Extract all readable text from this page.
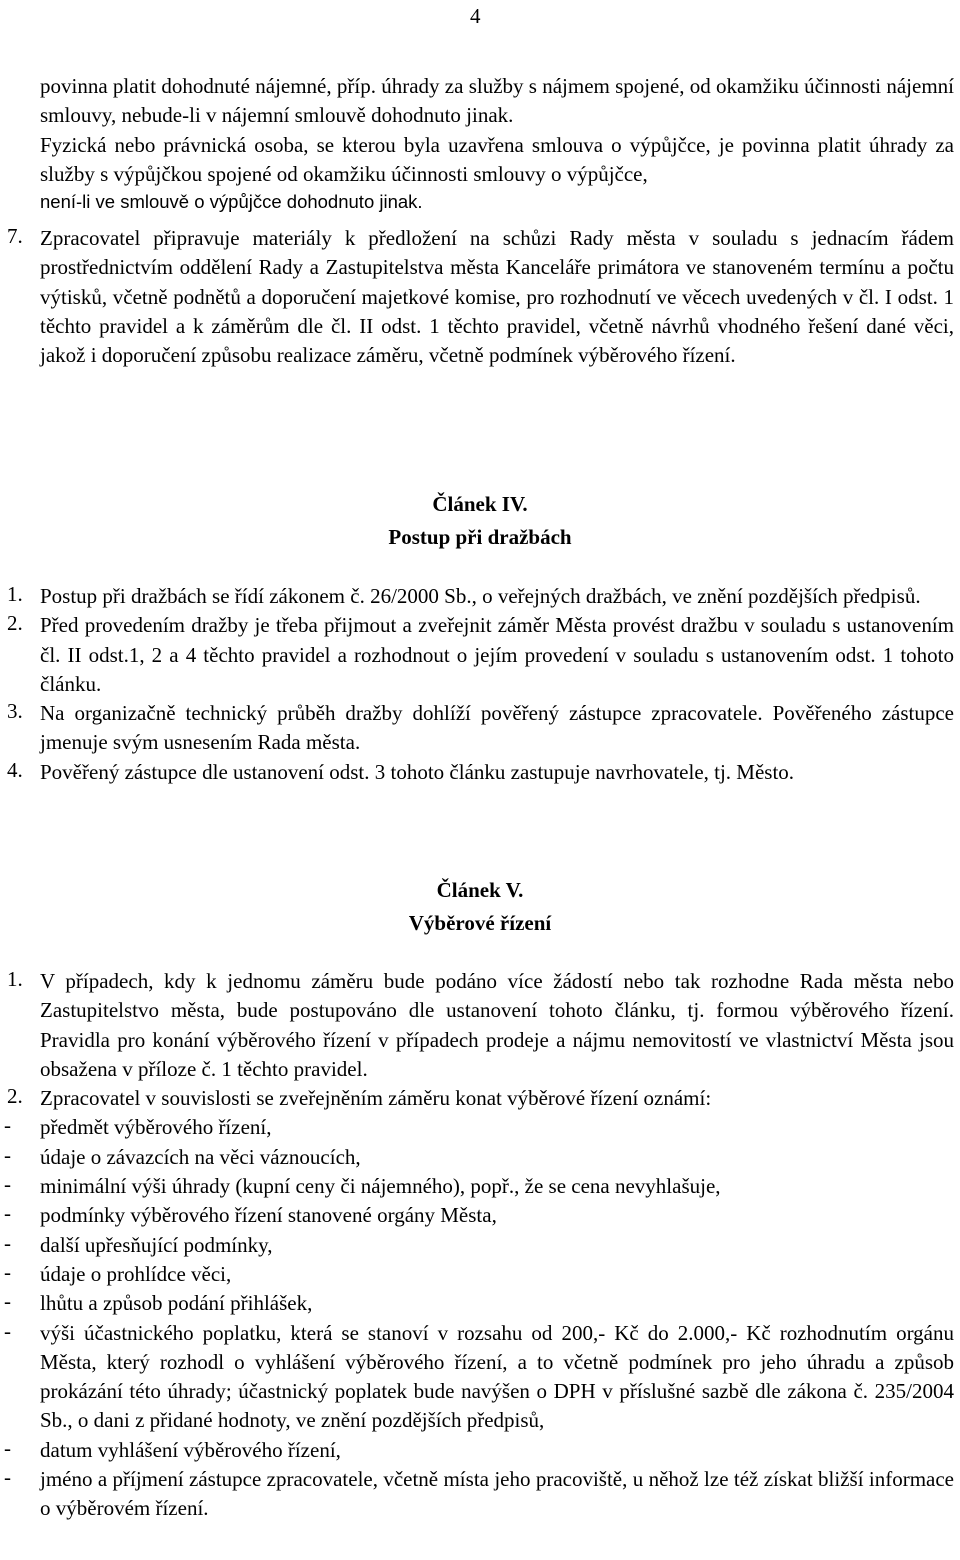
4

povinna platit dohodnuté nájemné, příp. úhrady za služby s nájmem spojené, od okamžiku účinnosti nájemní smlouvy, nebude-li v nájemní smlouvě dohodnuto jinak.

Fyzická nebo právnická osoba, se kterou byla uzavřena smlouva o výpůjčce, je povinna platit úhrady za služby s výpůjčkou spojené od okamžiku účinnosti smlouvy o výpůjčce,

není-li ve smlouvě o výpůjčce dohodnuto jinak.

7. Zpracovatel připravuje materiály k předložení na schůzi Rady města v souladu s jednacím řádem prostřednictvím oddělení Rady a Zastupitelstva města Kanceláře primátora ve stanoveném termínu a počtu výtisků, včetně podnětů a doporučení majetkové komise, pro rozhodnutí ve věcech uvedených v čl. I odst. 1 těchto pravidel a k záměrům dle čl. II odst. 1 těchto pravidel, včetně návrhů vhodného řešení dané věci, jakož i doporučení způsobu realizace záměru, včetně podmínek výběrového řízení.

Článek IV.

Postup při dražbách

1. Postup při dražbách se řídí zákonem č. 26/2000 Sb., o veřejných dražbách, ve znění pozdějších předpisů.

2. Před provedením dražby je třeba přijmout a zveřejnit záměr Města provést dražbu v souladu s ustanovením čl. II odst.1, 2 a 4 těchto pravidel a rozhodnout o jejím provedení v souladu s ustanovením odst. 1 tohoto článku.

3. Na organizačně technický průběh dražby dohlíží pověřený zástupce zpracovatele. Pověřeného zástupce jmenuje svým usnesením Rada města.

4. Pověřený zástupce dle ustanovení odst. 3 tohoto článku zastupuje navrhovatele, tj. Město.

Článek V.

Výběrové řízení

1. V případech, kdy k jednomu záměru bude podáno více žádostí nebo tak rozhodne Rada města nebo Zastupitelstvo města, bude postupováno dle ustanovení tohoto článku, tj. formou výběrového řízení. Pravidla pro konání výběrového řízení v případech prodeje a nájmu nemovitostí ve vlastnictví Města jsou obsažena v příloze č. 1 těchto pravidel.

2. Zpracovatel v souvislosti se zveřejněním záměru konat výběrové řízení oznámí:

-	předmět výběrového řízení,

-	údaje o závazcích na věci váznoucích,

-	minimální výši úhrady (kupní ceny či nájemného), popř., že se cena nevyhlašuje,

-	podmínky výběrového řízení stanovené orgány Města,

-	další upřesňující podmínky,

-	údaje o prohlídce věci,

-	lhůtu a způsob podání přihlášek,

-	výši účastnického poplatku, která se stanoví v rozsahu od 200,- Kč do 2.000,- Kč rozhodnutím orgánu Města, který rozhodl o vyhlášení výběrového řízení, a to včetně podmínek pro jeho úhradu a způsob prokázání této úhrady; účastnický poplatek bude navýšen o DPH v příslušné sazbě dle zákona č. 235/2004 Sb., o dani z přidané hodnoty, ve znění pozdějších předpisů,

-	datum vyhlášení výběrového řízení,

-	jméno a příjmení zástupce zpracovatele, včetně místa jeho pracoviště, u něhož lze též získat bližší informace o výběrovém řízení.
